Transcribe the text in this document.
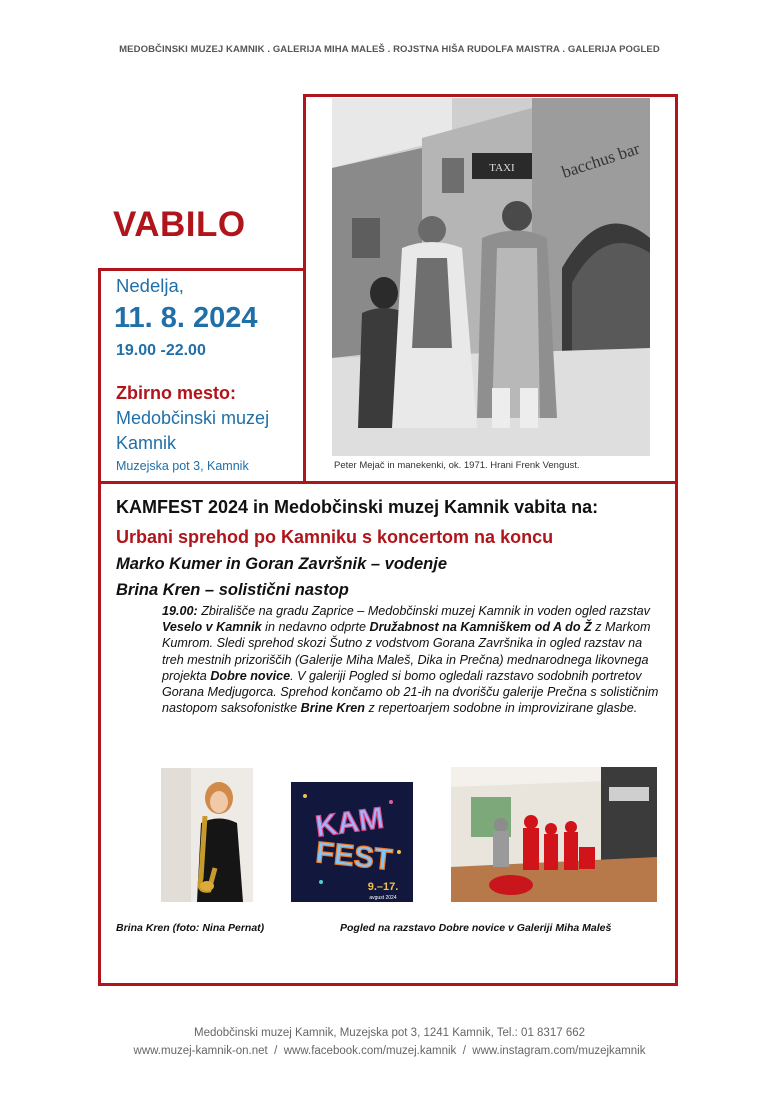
MEDOBČINSKI MUZEJ KAMNIK . GALERIJA MIHA MALEŠ . ROJSTNA HIŠA RUDOLFA MAISTRA . GALERIJA POGLED
VABILO
Nedelja,
11. 8. 2024
19.00 -22.00
Zbirno mesto:
Medobčinski muzej
Kamnik
Muzejska pot 3, Kamnik
TAXI	bacchus bar
Peter Mejač in manekenki, ok. 1971. Hrani Frenk Vengust.
KAMFEST 2024 in Medobčinski muzej Kamnik vabita na:
Urbani sprehod po Kamniku s koncertom na koncu
Marko Kumer in Goran Završnik – vodenje
Brina Kren – solistični nastop
19.00: Zbirališče na gradu Zaprice – Medobčinski muzej Kamnik in voden ogled razstav Veselo v Kamnik in nedavno odprte Družabnost na Kamniškem od A do Ž z Markom Kumrom. Sledi sprehod skozi Šutno z vodstvom Gorana Završnika in ogled razstav na treh mestnih prizoriščih (Galerije Miha Maleš, Dika in Prečna) mednarodnega likovnega projekta Dobre novice. V galeriji Pogled si bomo ogledali razstavo sodobnih portretov Gorana Medjugorca. Sprehod končamo ob 21-ih na dvorišču galerije Prečna s solističnim nastopom saksofonistke Brine Kren z repertoarjem sodobne in improvizirane glasbe.
KAM
FEST
9.–17.
avgust 2024
Brina Kren (foto: Nina Pernat)	Pogled na razstavo Dobre novice v Galeriji Miha Maleš
Medobčinski muzej Kamnik, Muzejska pot 3, 1241 Kamnik, Tel.: 01 8317 662
www.muzej-kamnik-on.net / www.facebook.com/muzej.kamnik / www.instagram.com/muzejkamnik
